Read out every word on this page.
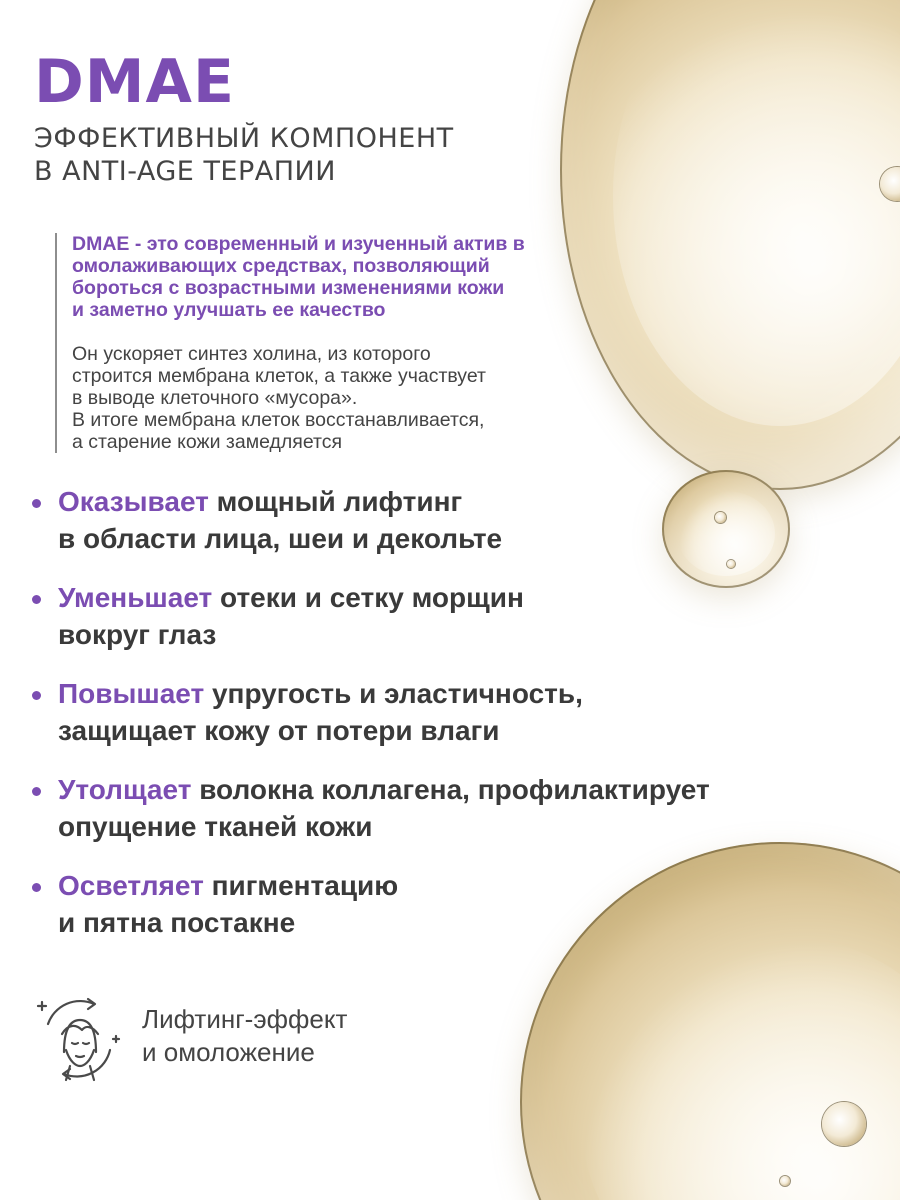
DMAE
ЭФФЕКТИВНЫЙ КОМПОНЕНТ
В ANTI-AGE ТЕРАПИИ

DMAE - это современный и изученный актив в
омолаживающих средствах, позволяющий
бороться с возрастными изменениями кожи
и заметно улучшать ее качество

Он ускоряет синтез холина, из которого
строится мембрана клеток, а также участвует
в выводе клеточного «мусора».
В итоге мембрана клеток восстанавливается,
а старение кожи замедляется

Оказывает мощный лифтинг
в области лица, шеи и декольте
Уменьшает отеки и сетку морщин
вокруг глаз
Повышает упругость и эластичность,
защищает кожу от потери влаги
Утолщает волокна коллагена, профилактирует
опущение тканей кожи
Осветляет пигментацию
и пятна постакне
Лифтинг-эффект
и омоложение
